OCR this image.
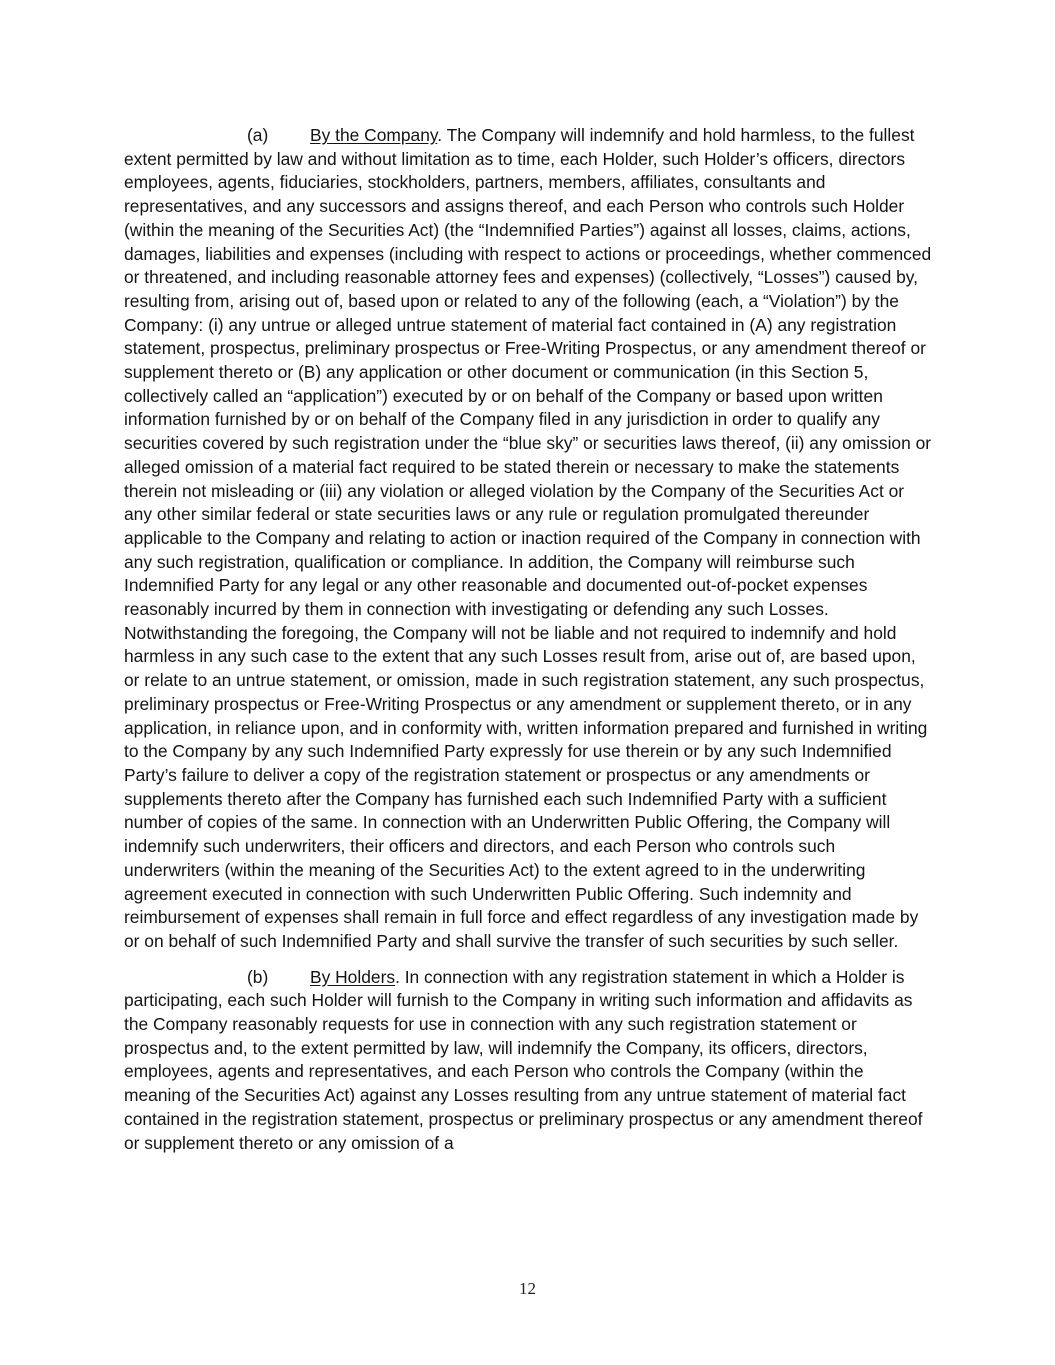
(a) By the Company. The Company will indemnify and hold harmless, to the fullest extent permitted by law and without limitation as to time, each Holder, such Holder’s officers, directors employees, agents, fiduciaries, stockholders, partners, members, affiliates, consultants and representatives, and any successors and assigns thereof, and each Person who controls such Holder (within the meaning of the Securities Act) (the “Indemnified Parties”) against all losses, claims, actions, damages, liabilities and expenses (including with respect to actions or proceedings, whether commenced or threatened, and including reasonable attorney fees and expenses) (collectively, “Losses”) caused by, resulting from, arising out of, based upon or related to any of the following (each, a “Violation”) by the Company: (i) any untrue or alleged untrue statement of material fact contained in (A) any registration statement, prospectus, preliminary prospectus or Free-Writing Prospectus, or any amendment thereof or supplement thereto or (B) any application or other document or communication (in this Section 5, collectively called an “application”) executed by or on behalf of the Company or based upon written information furnished by or on behalf of the Company filed in any jurisdiction in order to qualify any securities covered by such registration under the “blue sky” or securities laws thereof, (ii) any omission or alleged omission of a material fact required to be stated therein or necessary to make the statements therein not misleading or (iii) any violation or alleged violation by the Company of the Securities Act or any other similar federal or state securities laws or any rule or regulation promulgated thereunder applicable to the Company and relating to action or inaction required of the Company in connection with any such registration, qualification or compliance. In addition, the Company will reimburse such Indemnified Party for any legal or any other reasonable and documented out-of-pocket expenses reasonably incurred by them in connection with investigating or defending any such Losses. Notwithstanding the foregoing, the Company will not be liable and not required to indemnify and hold harmless in any such case to the extent that any such Losses result from, arise out of, are based upon, or relate to an untrue statement, or omission, made in such registration statement, any such prospectus, preliminary prospectus or Free-Writing Prospectus or any amendment or supplement thereto, or in any application, in reliance upon, and in conformity with, written information prepared and furnished in writing to the Company by any such Indemnified Party expressly for use therein or by any such Indemnified Party’s failure to deliver a copy of the registration statement or prospectus or any amendments or supplements thereto after the Company has furnished each such Indemnified Party with a sufficient number of copies of the same. In connection with an Underwritten Public Offering, the Company will indemnify such underwriters, their officers and directors, and each Person who controls such underwriters (within the meaning of the Securities Act) to the extent agreed to in the underwriting agreement executed in connection with such Underwritten Public Offering. Such indemnity and reimbursement of expenses shall remain in full force and effect regardless of any investigation made by or on behalf of such Indemnified Party and shall survive the transfer of such securities by such seller.

(b) By Holders. In connection with any registration statement in which a Holder is participating, each such Holder will furnish to the Company in writing such information and affidavits as the Company reasonably requests for use in connection with any such registration statement or prospectus and, to the extent permitted by law, will indemnify the Company, its officers, directors, employees, agents and representatives, and each Person who controls the Company (within the meaning of the Securities Act) against any Losses resulting from any untrue statement of material fact contained in the registration statement, prospectus or preliminary prospectus or any amendment thereof or supplement thereto or any omission of a

12
